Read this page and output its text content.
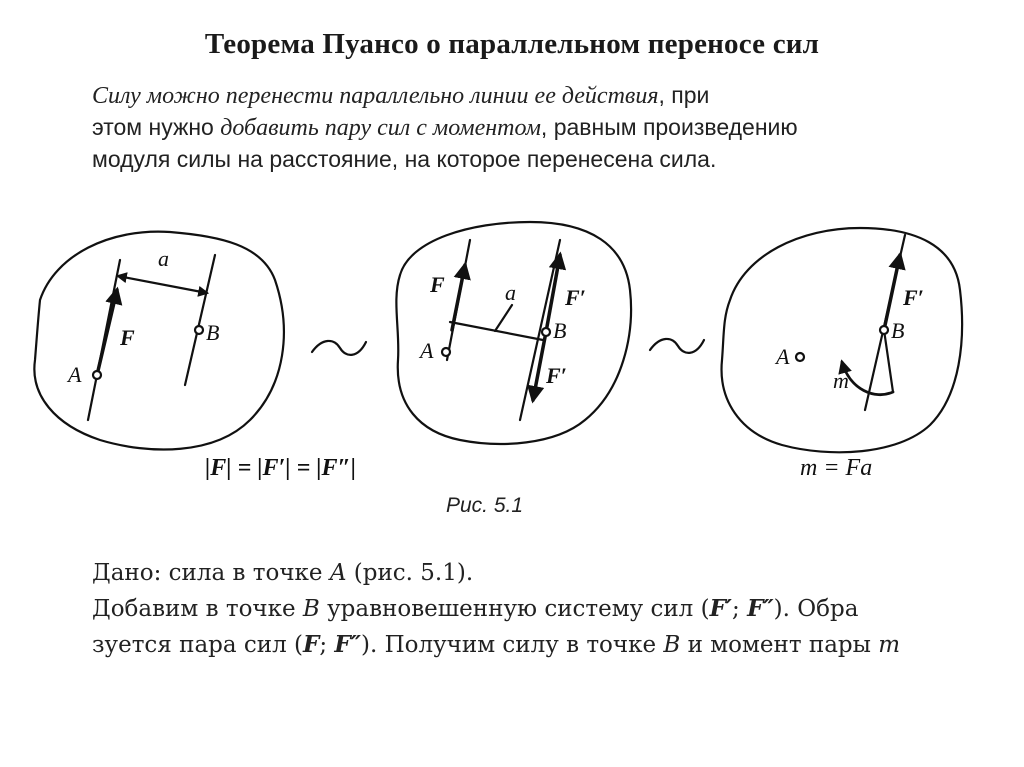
Теорема Пуансо о параллельном переносе сил
Силу можно перенести параллельно линии ее действия, при
этом нужно добавить пару сил с моментом, равным произведению
модуля силы на расстояние, на которое перенесена сила.
a
F
A
B
F	a
A
B
F′
F′
F′
B
A
m
|F| = |F′| = |F″|	m = Fa
Рис. 5.1
Дано: сила в точке A (рис. 5.1).
Добавим в точке B уравновешенную систему сил (F′; F″). Обра
зуется пара сил (F; F″). Получим силу в точке B и момент пары m
